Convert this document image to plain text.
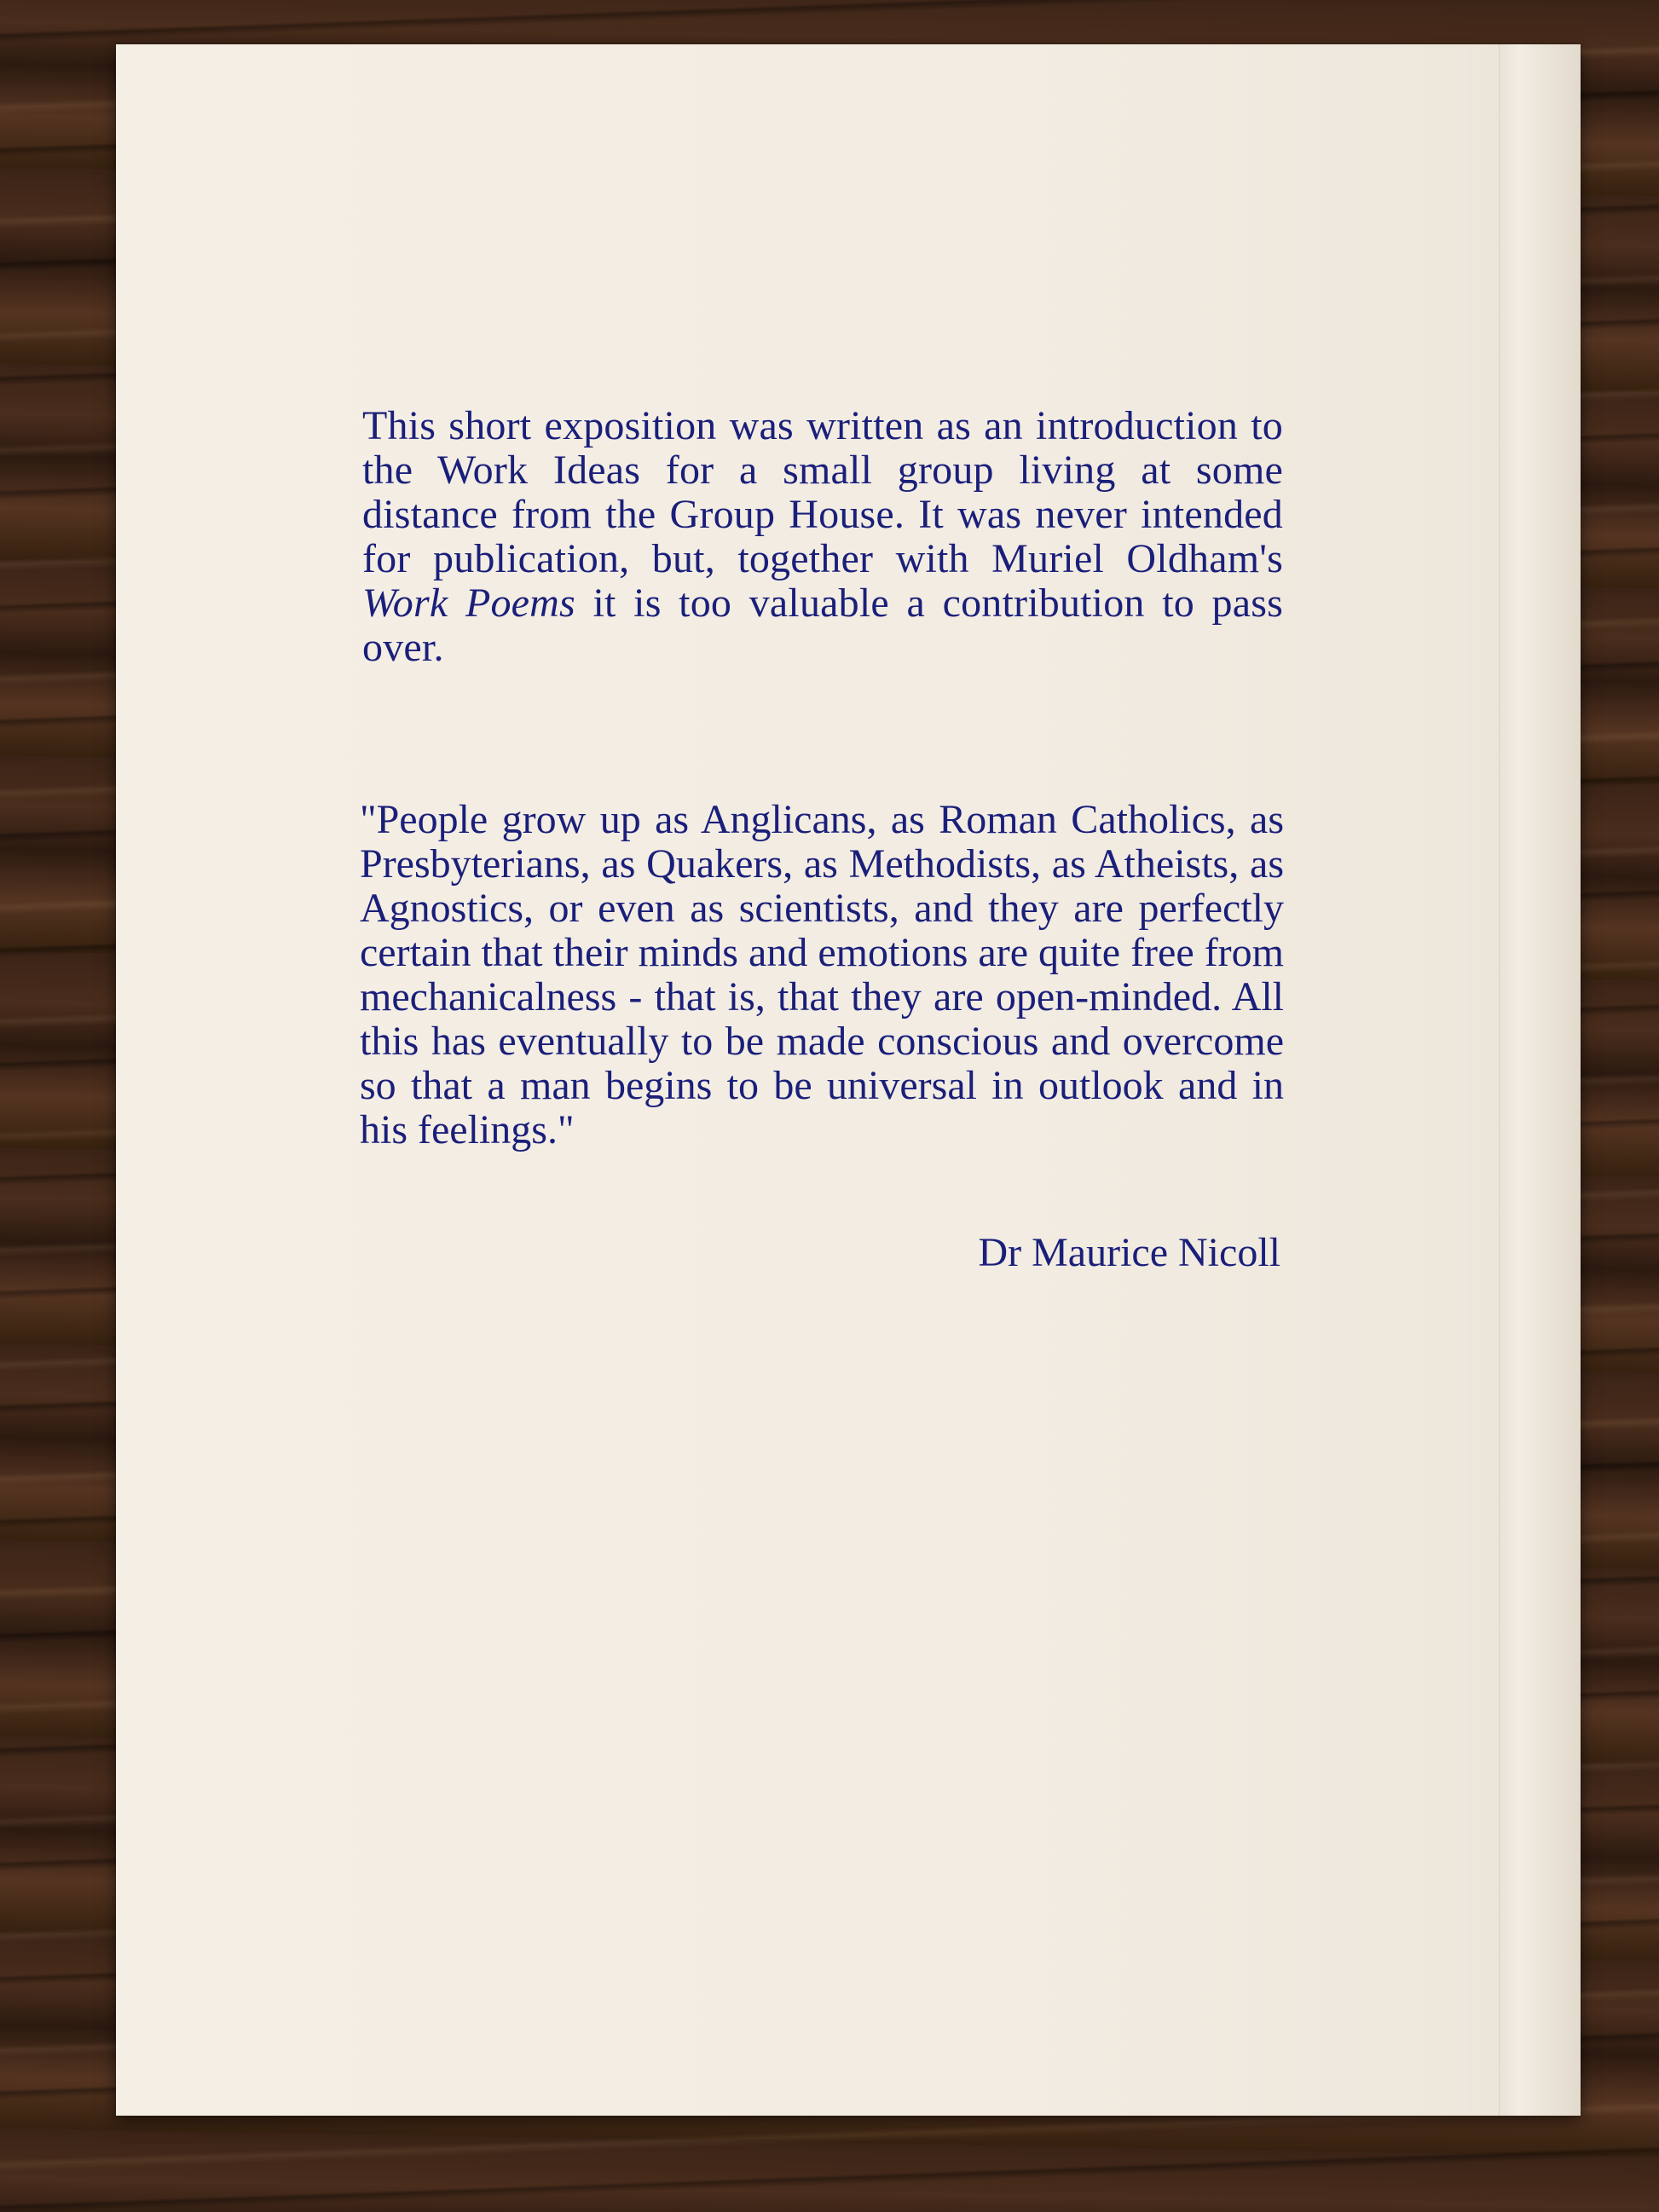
This short exposition was written as an introduction to the Work Ideas for a small group living at some distance from the Group House. It was never intended for publication, but, together with Muriel Oldham's Work Poems it is too valuable a contribution to pass over.

"People grow up as Anglicans, as Roman Catholics, as Presbyterians, as Quakers, as Methodists, as Atheists, as Agnostics, or even as scientists, and they are perfectly certain that their minds and emotions are quite free from mechanicalness - that is, that they are open-minded. All this has eventually to be made conscious and overcome so that a man begins to be universal in outlook and in his feelings."

Dr Maurice Nicoll
